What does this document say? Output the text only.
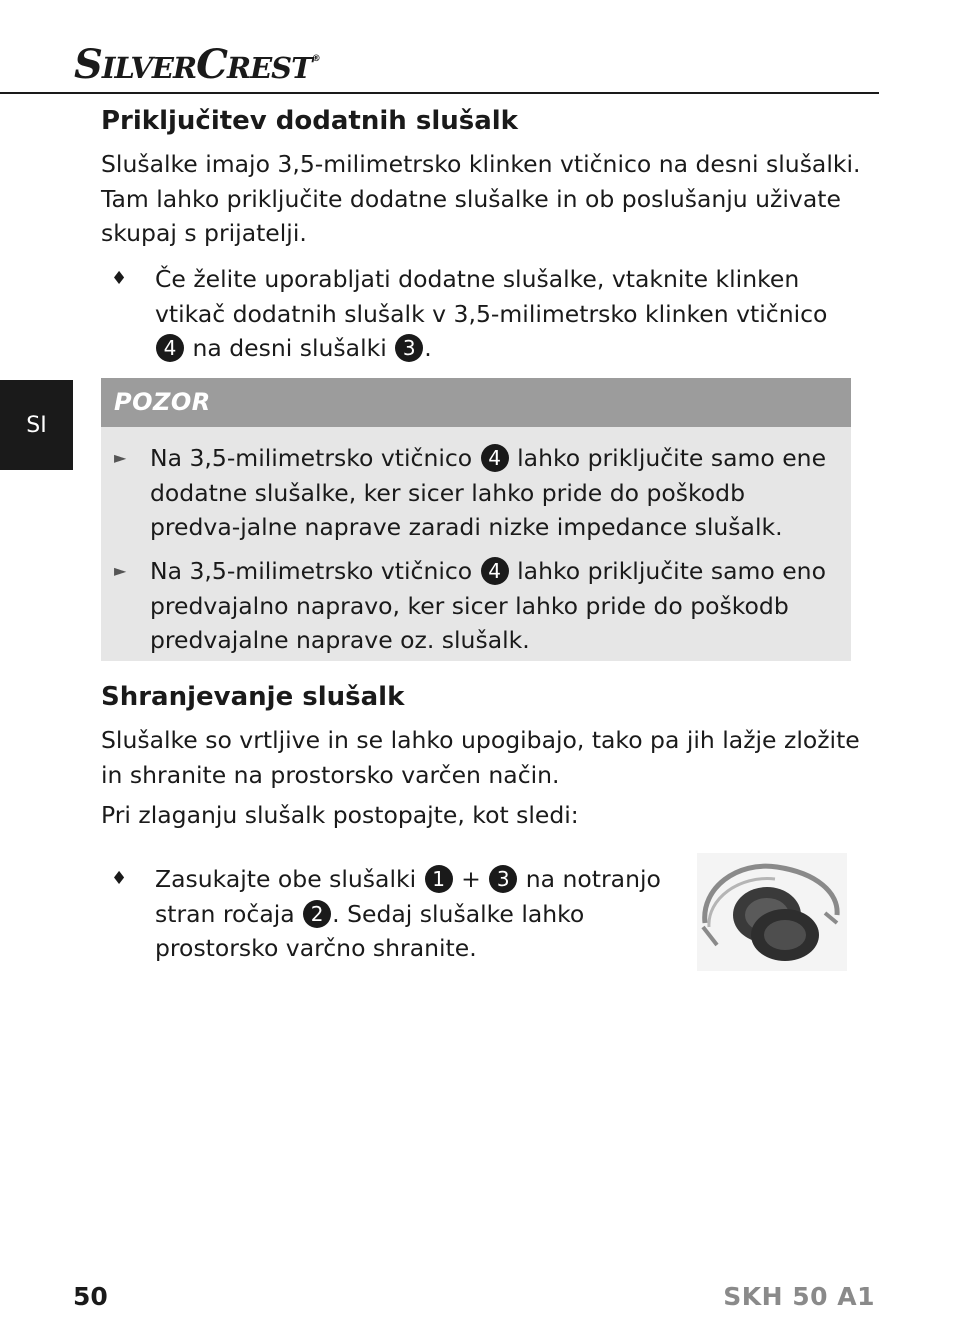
SILVERCREST®
SI
Priključitev dodatnih slušalk

Slušalke imajo 3,5-milimetrsko klinken vtičnico na desni slušalki. Tam lahko priključite dodatne slušalke in ob poslušanju uživate skupaj s prijatelji.

♦ Če želite uporabljati dodatne slušalke, vtaknite klinken vtikač dodatnih slušalk v 3,5-milimetrsko klinken vtičnico 4 na desni slušalki 3 .
POZOR
► Na 3,5-milimetrsko vtičnico 4 lahko priključite samo ene dodatne slušalke, ker sicer lahko pride do poškodb predva-jalne naprave zaradi nizke impedance slušalk.
► Na 3,5-milimetrsko vtičnico 4 lahko priključite samo eno predvajalno napravo, ker sicer lahko pride do poškodb predvajalne naprave oz. slušalk.
Shranjevanje slušalk

Slušalke so vrtljive in se lahko upogibajo, tako pa jih lažje zložite in shranite na prostorsko varčen način.

Pri zlaganju slušalk postopajte, kot sledi:

♦ Zasukajte obe slušalki 1 + 3 na notranjo stran ročaja 2 . Sedaj slušalke lahko prostorsko varčno shranite.
50	SKH 50 A1
